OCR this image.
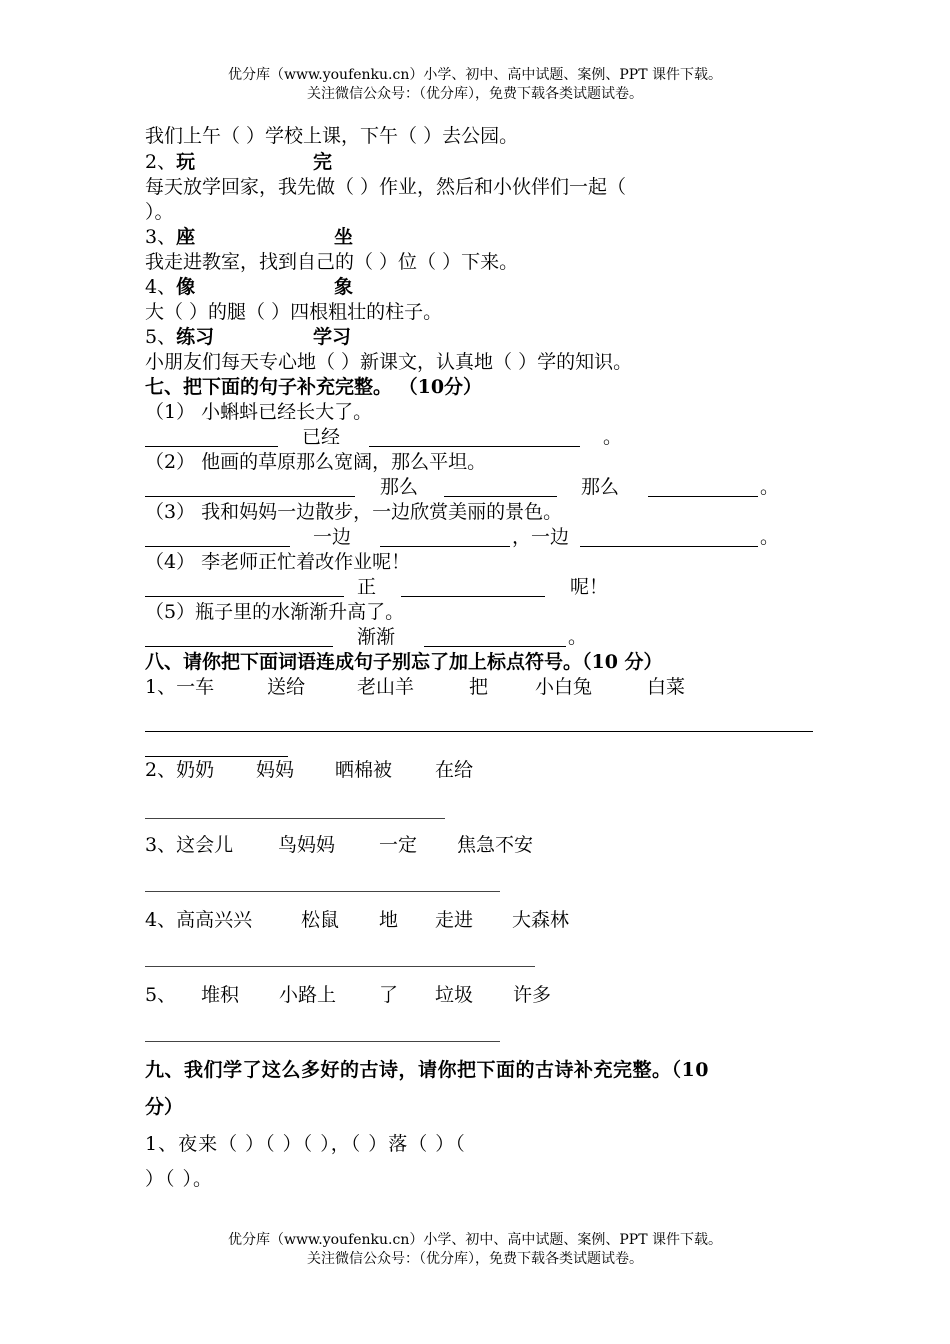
优分库（www.youfenku.cn）小学、初中、高中试题、案例、PPT 课件下载。
关注微信公众号：（优分库），免费下载各类试题试卷。
我们上午（ ）学校上课，下午（ ）去公园。
2、玩	完
每天放学回家，我先做（ ）作业，然后和小伙伴们一起（
）。
3、座	坐
我走进教室，找到自己的（ ）位（ ）下来。
4、像	象
大（ ）的腿（ ）四根粗壮的柱子。
5、练习	学习
小朋友们每天专心地（ ）新课文，认真地（ ）学的知识。
七、把下面的句子补充完整。 （10分）
（1） 小蝌蚪已经长大了。
已经	。
（2） 他画的草原那么宽阔，那么平坦。
那么	那么	。
（3） 我和妈妈一边散步，一边欣赏美丽的景色。
一边	，一边	。
（4） 李老师正忙着改作业呢！
正	呢！
（5）瓶子里的水渐渐升高了。
渐渐	。
八、请你把下面词语连成句子别忘了加上标点符号。（10 分）
1、一车	送给	老山羊	把 小白兔	白菜
2、奶奶 妈妈 晒棉被 在给
3、这会儿 鸟妈妈 一定 焦急不安
4、高高兴兴	松鼠 地 走进 大森林
5、 堆积 小路上 了 垃圾 许多
九、我们学了这么多好的古诗，请你把下面的古诗补充完整。（10
分）
1、夜来（ ）（ ）（ ），（ ）落（ ）（
）（ ）。
优分库（www.youfenku.cn）小学、初中、高中试题、案例、PPT 课件下载。
关注微信公众号：（优分库），免费下载各类试题试卷。
